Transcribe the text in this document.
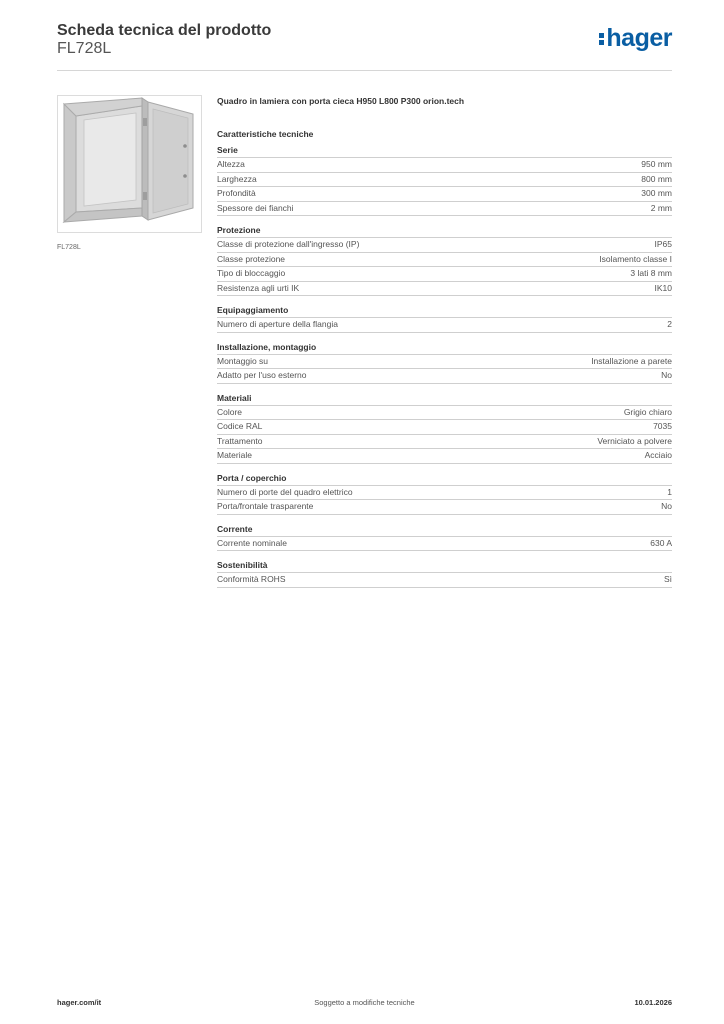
Scheda tecnica del prodotto
FL728L	hager
FL728L
Quadro in lamiera con porta cieca H950 L800 P300 orion.tech
Caratteristiche tecniche
Serie
Altezza	950 mm
Larghezza	800 mm
Profondità	300 mm
Spessore dei fianchi	2 mm
Protezione
Classe di protezione dall'ingresso (IP)	IP65
Classe protezione	Isolamento classe I
Tipo di bloccaggio	3 lati 8 mm
Resistenza agli urti IK	IK10
Equipaggiamento
Numero di aperture della flangia	2
Installazione, montaggio
Montaggio su	Installazione a parete
Adatto per l'uso esterno	No
Materiali
Colore	Grigio chiaro
Codice RAL	7035
Trattamento	Verniciato a polvere
Materiale	Acciaio
Porta / coperchio
Numero di porte del quadro elettrico	1
Porta/frontale trasparente	No
Corrente
Corrente nominale	630 A
Sostenibilità
Conformità ROHS	Sì
hager.com/it	Soggetto a modifiche tecniche	10.01.2026
